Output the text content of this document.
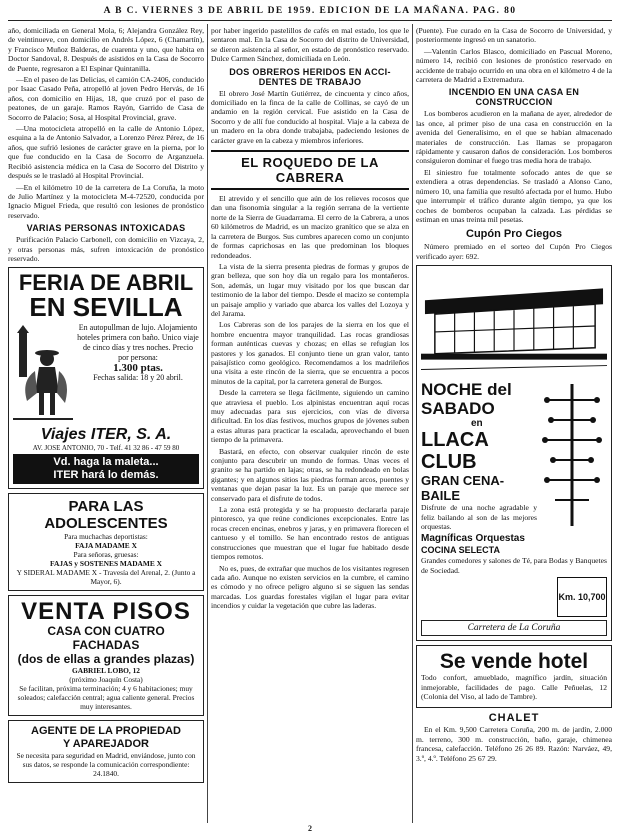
A B C. VIERNES 3 DE ABRIL DE 1959. EDICION DE LA MAÑANA. PAG. 80

año, domiciliada en General Mola, 6; Alejandra González Rey, de veintinueve, con domicilio en Andrés López, 6 (Chamartín), y Francisco Muñoz Balderas, de cuarenta y uno, que habita en Doctor Sandoval, 8. Después de asistidos en la Casa de Socorro de Puente, regresaron a El Espinar Quintanilla.

—En el paseo de las Delicias, el camión CA-2406, conducido por Isaac Casado Peña, atropelló al joven Pedro Hervás, de 16 años, con domicilio en Hijas, 18, que cruzó por el paso de peatones, de un garaje. Ramos Rayón, Garrido de Casa de Socorro de Palacio; Sosa, al Hospital Provincial, grave.

—Una motocicleta atropelló en la calle de Antonio López, esquina a la de Antonio Salvador, a Lorenzo Pérez Pérez, de 16 años, que sufrió lesiones de carácter grave en la pierna, por lo que fue conducido en la Casa de Socorro de Arganzuela. Recibió asistencia médica en la Casa de Socorro del Distrito y después se le trasladó al Hospital Provincial.

—En el kilómetro 10 de la carretera de La Coruña, la moto de Julio Martínez y la motocicleta M-4-72520, conducida por Ignacio Miguel Frieda, que resultó con lesiones de pronóstico reservado.

VARIAS PERSONAS INTOXICADAS

Purificación Palacio Carbonell, con domicilio en Vizcaya, 2, y otras personas más, sufren intoxicación de pronóstico reservado.

FERIA DE ABRIL
EN SEVILLA
En autopullman de lujo. Alojamiento hoteles primera con baño. Unico viaje de cinco días y tres noches. Precio por persona:
1.300 ptas.
Fechas salida: 18 y 20 abril.
Viajes ITER, S. A.
AV. JOSE ANTONIO, 70 - Telf. 41 32 86 - 47 59 80
Vd. haga la maleta...
ITER hará lo demás.
PARA LAS ADOLESCENTES
Para muchachas deportistas:
FAJA MADAME X
Para señoras, gruesas:
FAJAS y SOSTENES MADAME X
Y SIDERAL MADAME X - Travesía del Arenal, 2. (Junto a Mayor, 6).
VENTA PISOS
CASA CON CUATRO FACHADAS
(dos de ellas a grandes plazas)
GABRIEL LOBO, 12
(próximo Joaquín Costa)
Se facilitan, próxima terminación; 4 y 6 habitaciones; muy soleados; calefacción central; agua caliente general. Precios muy interesantes.
AGENTE DE LA PROPIEDAD
Y APAREJADOR
Se necesita para seguridad en Madrid, enviándose, junto con sus datos, se responde la comunicación correspondiente: 24.1840.

por haber ingerido pastelillos de cafés en mal estado, los que le sentaron mal. En la Casa de Socorro del distrito de Universidad, se dieron asistencia al señor, en estado de pronóstico reservado. Dulce Carmen Sánchez, domiciliada en León.

DOS OBREROS HERIDOS EN ACCI-
DENTES DE TRABAJO

El obrero José Martín Gutiérrez, de cincuenta y cinco años, domiciliado en la finca de la calle de Collinas, se cayó de un andamio en la región cervical. Fue asistido en la Casa de Socorro y de allí fue conducido al hospital. Viaje a la cabeza de un madero en la obra donde trabajaba, padeciendo lesiones de carácter grave en la cabeza y miembros inferiores.

EL ROQUEDO DE LA CABRERA

El atrevido y el sencillo que aún de los relieves rocosos que dan una fisonomía singular a la región serrana de la vertiente norte de la Sierra de Guadarrama. El cerro de la Cabrera, a unos 60 kilómetros de Madrid, es un macizo granítico que se alza en la carretera de Burgos. Sus cumbres aparecen como un conjunto de formas caprichosas en las que predominan los bloques redondeados.

La vista de la sierra presenta piedras de formas y grupos de gran belleza, que son hoy día un regalo para los montañeros. Son, además, un lugar muy visitado por los que buscan dar testimonio de la labor del tiempo. Desde el macizo se contempla un paisaje amplio y variado que abarca los valles del Lozoya y del Jarama.

Los Cabreras son de los parajes de la sierra en los que el hombre encuentra mayor tranquilidad. Las rocas grandiosas forman auténticas cuevas y chozas; en ellas se refugian los pastores y los ganados. El conjunto tiene un gran valor, tanto paisajístico como geológico. Recomendamos a los madrileños una visita a este rincón de la sierra, que se encuentra a pocos minutos de la capital, por la carretera general de Burgos.

Desde la carretera se llega fácilmente, siguiendo un camino que atraviesa el pueblo. Los alpinistas encuentran aquí rocas muy adecuadas para sus ejercicios, con vías de diversa dificultad. En los días festivos, muchos grupos de jóvenes suben a estas alturas para practicar la escalada, aprovechando el buen tiempo de la primavera.

Bastará, en efecto, con observar cualquier rincón de este conjunto para descubrir un mundo de formas. Unas veces el granito se ha partido en lajas; otras, se ha redondeado en bolas gigantes; y en algunos sitios las piedras forman arcos, puentes y ventanas que dejan pasar la luz. Es un paraje que merece ser conservado para el disfrute de todos.

La zona está protegida y se ha propuesto declararla paraje pintoresco, ya que reúne condiciones excepcionales. Entre las rocas crecen encinas, enebros y jaras, y en primavera florecen el cantueso y el tomillo. Se han encontrado restos de antiguas construcciones que muestran que el lugar fue habitado desde tiempos remotos.

No es, pues, de extrañar que muchos de los visitantes regresen cada año. Aunque no existen servicios en la cumbre, el camino es cómodo y no ofrece peligro alguno si se siguen las sendas marcadas. Los guardas forestales vigilan el lugar para evitar incendios y cuidar la vegetación que cubre las laderas.

(Puente). Fue curado en la Casa de Socorro de Universidad, y posteriormente ingresó en un sanatorio.

—Valentín Carlos Blasco, domiciliado en Pascual Moreno, número 14, recibió con lesiones de pronóstico reservado en accidente de trabajo ocurrido en una obra en el kilómetro 4 de la carretera de Madrid a Extremadura.

INCENDIO EN UNA CASA EN
CONSTRUCCION

Los bomberos acudieron en la mañana de ayer, alrededor de las once, al primer piso de una casa en construcción en la avenida del Generalísimo, en el que se habían almacenado materiales de construcción. Las llamas se propagaron rápidamente y causaron daños de consideración. Los bomberos consiguieron dominar el fuego tras media hora de trabajo.

El siniestro fue totalmente sofocado antes de que se extendiera a otras dependencias. Se trasladó a Alonso Cano, número 10, una familia que resultó afectada por el humo. Hubo que interrumpir el tráfico durante algún tiempo, ya que los coches de bomberos ocupaban la calzada. Las pérdidas se estiman en unas treinta mil pesetas.

Cupón Pro Ciegos

Número premiado en el sorteo del Cupón Pro Ciegos verificado ayer: 692.

NOCHE del SABADO
en
LLACA CLUB
GRAN CENA-BAILE

Disfrute de una noche agradable y feliz bailando al son de las mejores orquestas.

Magníficas Orquestas
COCINA SELECTA

Grandes comedores y salones de Té, para Bodas y Banquetes de Sociedad.

Km. 10,700
Carretera de La Coruña
Se vende hotel

Todo confort, amueblado, magnífico jardín, situación inmejorable, facilidades de pago. Calle Peñuelas, 12 (Colonia del Viso, al lado de Tambre).

CHALET

En el Km. 9,500 Carretera Coruña, 200 m. de jardín, 2.000 m. terreno, 300 m. construcción, baño, garaje, chimenea francesa, calefacción. Teléfono 26 26 89. Razón: Narváez, 49, 3.º, 4.º. Teléfono 25 67 29.

2
